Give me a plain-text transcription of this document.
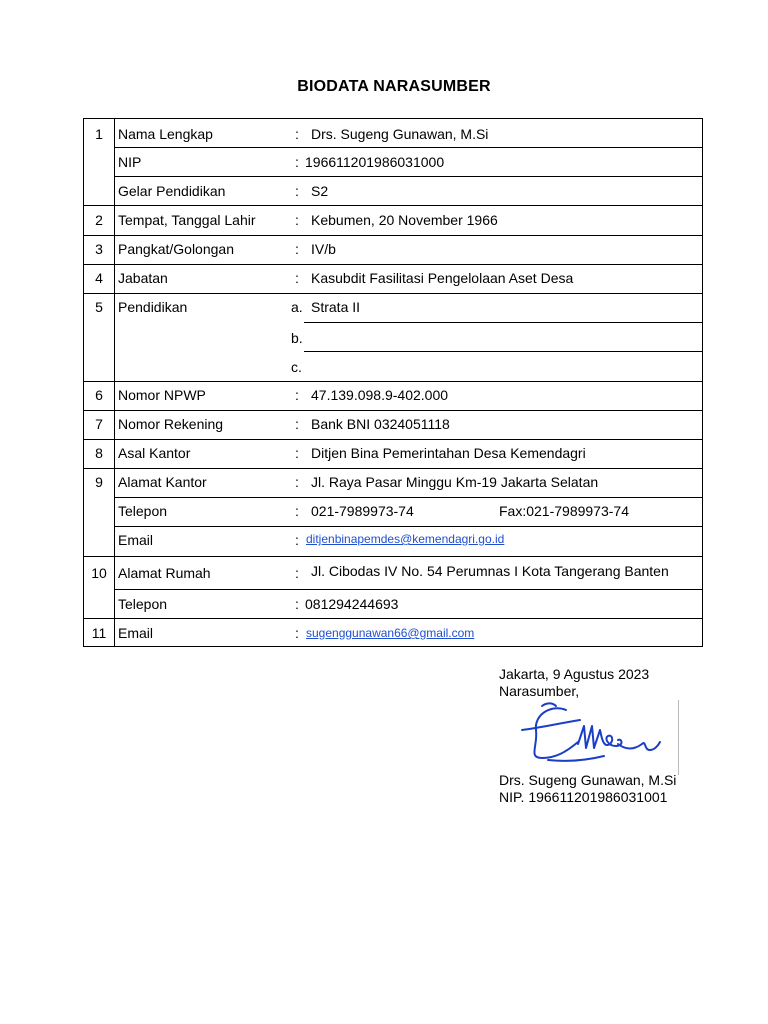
BIODATA NARASUMBER
1	Nama Lengkap	: Drs. Sugeng Gunawan, M.Si
NIP	: 196611201986031000
Gelar Pendidikan	: S2
2	Tempat, Tanggal Lahir	: Kebumen, 20 November 1966
3	Pangkat/Golongan	: IV/b
4	Jabatan	: Kasubdit Fasilitasi Pengelolaan Aset Desa
5	Pendidikan	a. Strata II
b.
c.
6	Nomor NPWP	: 47.139.098.9-402.000
7	Nomor Rekening	: Bank BNI 0324051118
8	Asal Kantor	: Ditjen Bina Pemerintahan Desa Kemendagri
9	Alamat Kantor	: Jl. Raya Pasar Minggu Km-19 Jakarta Selatan
Telepon	: 021-7989973-74	Fax:021-7989973-74
Email	: ditjenbinapemdes@kemendagri.go.id
10 Alamat Rumah	: Jl. Cibodas IV No. 54 Perumnas I Kota Tangerang Banten
Telepon	: 081294244693
11 Email	: sugenggunawan66@gmail.com
Jakarta, 9 Agustus 2023
Narasumber,
Drs. Sugeng Gunawan, M.Si
NIP. 196611201986031001
